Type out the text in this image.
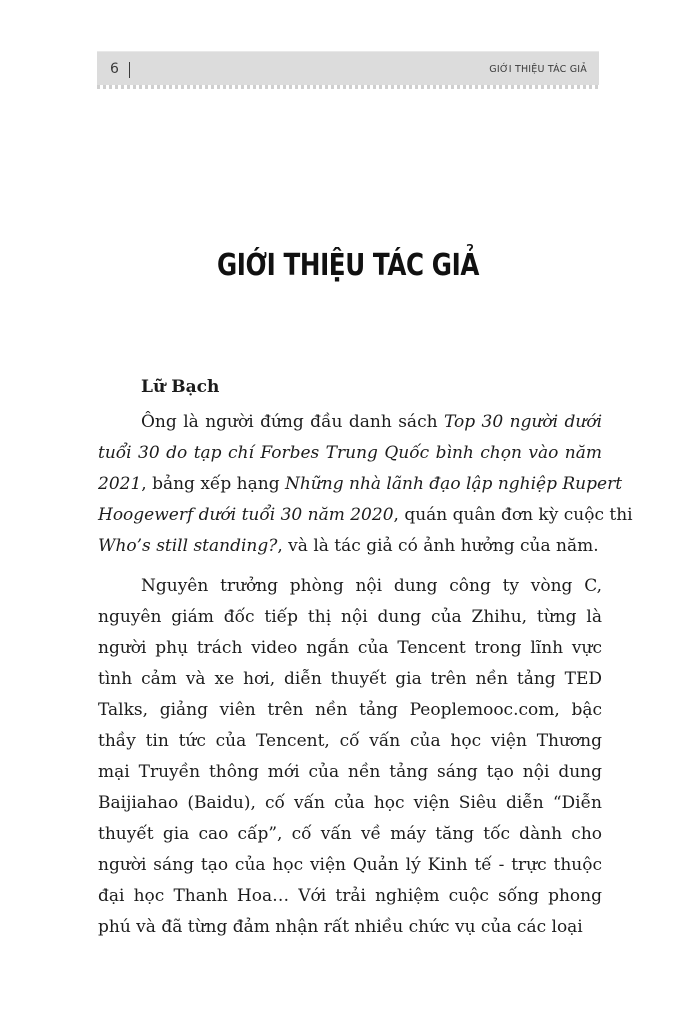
6	GIỚI THIỆU TÁC GIẢ
GIỚI THIỆU TÁC GIẢ
Lữ Bạch
Ông là người đứng đầu danh sách Top 30 người dưới
tuổi 30 do tạp chí Forbes Trung Quốc bình chọn vào năm
2021, bảng xếp hạng Những nhà lãnh đạo lập nghiệp Rupert
Hoogewerf dưới tuổi 30 năm 2020, quán quân đơn kỳ cuộc thi
Who’s still standing?, và là tác giả có ảnh hưởng của năm.
Nguyên trưởng phòng nội dung công ty vòng C,
nguyên giám đốc tiếp thị nội dung của Zhihu, từng là
người phụ trách video ngắn của Tencent trong lĩnh vực
tình cảm và xe hơi, diễn thuyết gia trên nền tảng TED
Talks, giảng viên trên nền tảng Peoplemooc.com, bậc
thầy tin tức của Tencent, cố vấn của học viện Thương
mại Truyền thông mới của nền tảng sáng tạo nội dung
Baijiahao (Baidu), cố vấn của học viện Siêu diễn “Diễn
thuyết gia cao cấp”, cố vấn về máy tăng tốc dành cho
người sáng tạo của học viện Quản lý Kinh tế - trực thuộc
đại học Thanh Hoa… Với trải nghiệm cuộc sống phong
phú và đã từng đảm nhận rất nhiều chức vụ của các loại
